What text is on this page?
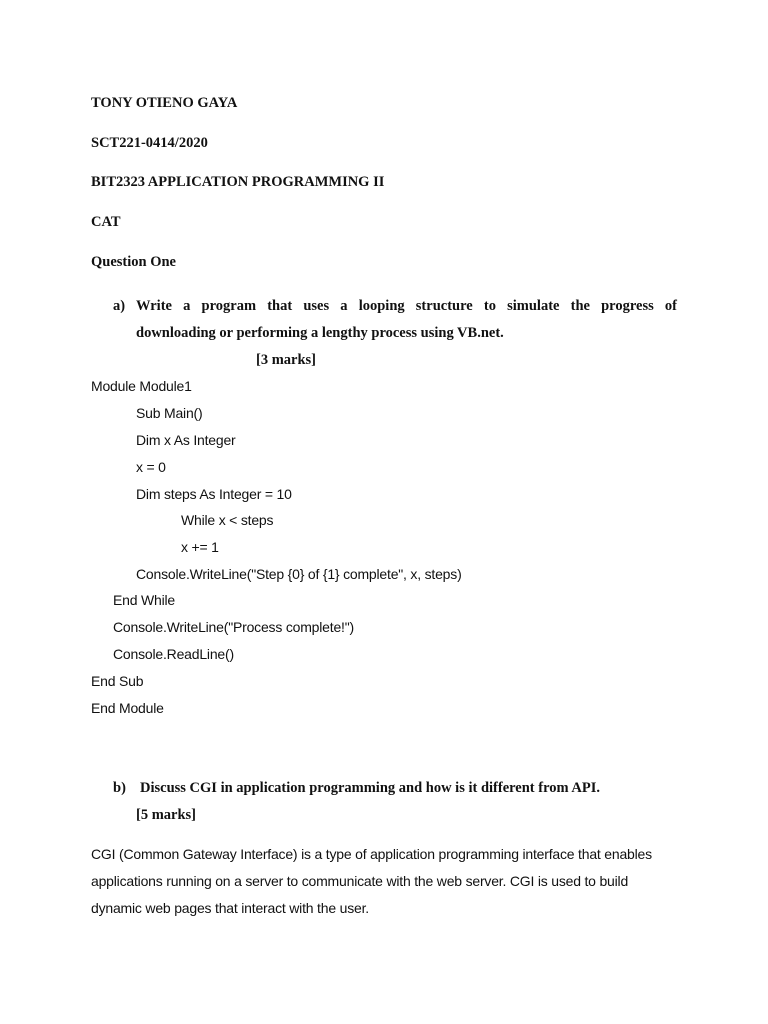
TONY OTIENO GAYA
SCT221-0414/2020
BIT2323 APPLICATION PROGRAMMING II
CAT
Question One
a) Write a program that uses a looping structure to simulate the progress of
downloading or performing a lengthy process using VB.net.
[3 marks]
Module Module1
Sub Main()
Dim x As Integer
x = 0
Dim steps As Integer = 10
While x < steps
x += 1
Console.WriteLine("Step {0} of {1} complete", x, steps)
End While
Console.WriteLine("Process complete!")
Console.ReadLine()
End Sub
End Module
b) Discuss CGI in application programming and how is it different from API.
[5 marks]
CGI (Common Gateway Interface) is a type of application programming interface that enables
applications running on a server to communicate with the web server. CGI is used to build
dynamic web pages that interact with the user.
